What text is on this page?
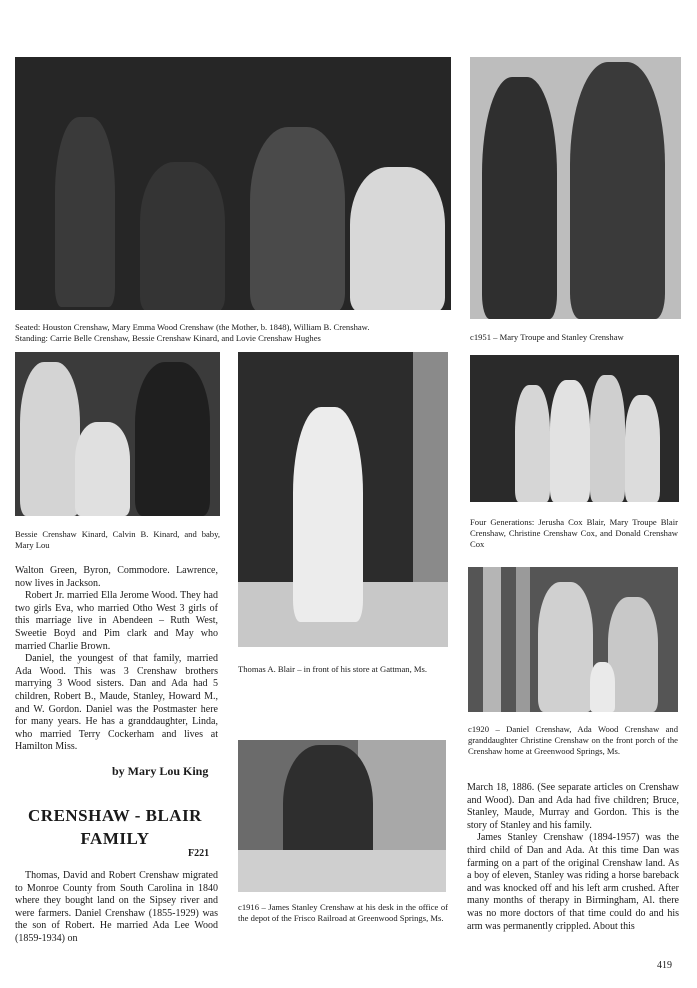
Seated: Houston Crenshaw, Mary Emma Wood Crenshaw (the Mother, b. 1848), William B. Crenshaw.
Standing: Carrie Belle Crenshaw, Bessie Crenshaw Kinard, and Lovie Crenshaw Hughes	c1951 – Mary Troupe and Stanley Crenshaw
Bessie Crenshaw Kinard, Calvin B. Kinard, and baby, Mary Lou
Thomas A. Blair – in front of his store at Gattman, Ms.
Four Generations: Jerusha Cox Blair, Mary Troupe Blair Crenshaw, Christine Crenshaw Cox, and Donald Crenshaw Cox
c1920 – Daniel Crenshaw, Ada Wood Crenshaw and granddaughter Christine Crenshaw on the front porch of the Crenshaw home at Greenwood Springs, Ms.
c1916 – James Stanley Crenshaw at his desk in the office of the depot of the Frisco Railroad at Greenwood Springs, Ms.

Walton Green, Byron, Commodore. Lawrence, now lives in Jackson.

Robert Jr. married Ella Jerome Wood. They had two girls Eva, who married Otho West 3 girls of this marriage live in Abendeen – Ruth West, Sweetie Boyd and Pim clark and May who married Charlie Brown.

Daniel, the youngest of that family, married Ada Wood. This was 3 Crenshaw brothers marrying 3 Wood sisters. Dan and Ada had 5 children, Robert B., Maude, Stanley, Howard M., and W. Gordon. Daniel was the Postmaster here for many years. He has a granddaughter, Linda, who married Terry Cockerham and lives at Hamilton Miss.

by Mary Lou King
CRENSHAW - BLAIR
FAMILY
F221

Thomas, David and Robert Crenshaw migrated to Monroe County from South Carolina in 1840 where they bought land on the Sipsey river and were farmers. Daniel Crenshaw (1855-1929) was the son of Robert. He married Ada Lee Wood (1859-1934) on

March 18, 1886. (See separate articles on Crenshaw and Wood). Dan and Ada had five children; Bruce, Stanley, Maude, Murray and Gordon. This is the story of Stanley and his family.

James Stanley Crenshaw (1894-1957) was the third child of Dan and Ada. At this time Dan was farming on a part of the original Crenshaw land. As a boy of eleven, Stanley was riding a horse bareback and was knocked off and his left arm crushed. After many months of therapy in Birmingham, Al. there was no more doctors of that time could do and his arm was permanently crippled. About this

419
